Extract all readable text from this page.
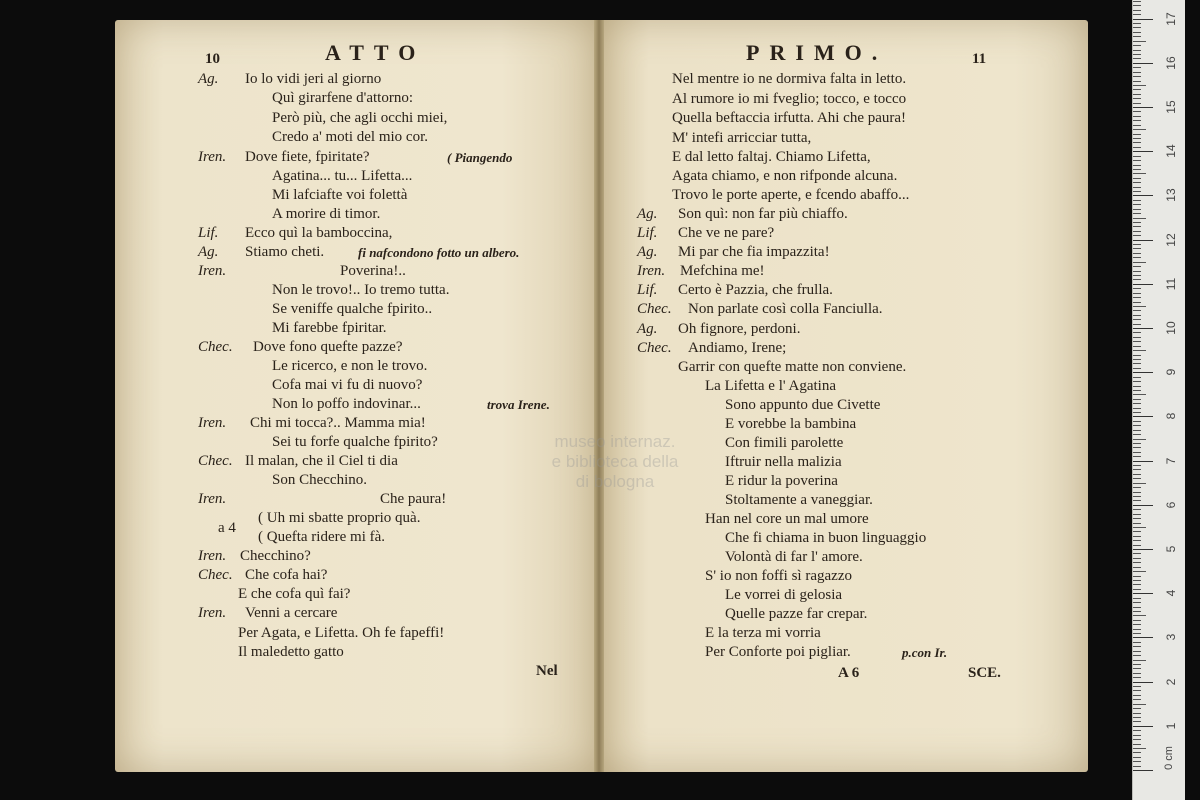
museo internaz.
e biblioteca della
di bologna
10	ATTO
Ag. Io lo vidi jeri al giorno
Quì girarfene d'attorno:
Però più, che agli occhi miei,
Credo a' moti del mio cor.
Iren. Dove fiete, fpiritate?	( Piangendo
Agatina... tu... Lifetta...
Mi lafciafte voi folettà
A morire di timor.
Lif. Ecco quì la bamboccina,
Ag. Stiamo cheti.	fi nafcondono fotto un albero.
Iren.	Poverina!..
Non le trovo!.. Io tremo tutta.
Se veniffe qualche fpirito..
Mi farebbe fpiritar.
Chec. Dove fono quefte pazze?
Le ricerco, e non le trovo.
Cofa mai vi fu di nuovo?
Non lo poffo indovinar...	trova Irene.
Iren. Chi mi tocca?.. Mamma mia!
Sei tu forfe qualche fpirito?
Chec. Il malan, che il Ciel ti dia
Son Checchino.
Iren.	Che paura!
a 4
( Uh mi sbatte proprio quà.
( Quefta ridere mi fà.
Iren. Checchino?
Chec. Che cofa hai?
E che cofa quì fai?
Iren. Venni a cercare
Per Agata, e Lifetta. Oh fe fapeffi!
Il maledetto gatto
Nel
PRIMO.	11
Nel mentre io ne dormiva falta in letto.
Al rumore io mi fveglio; tocco, e tocco
Quella beftaccia irfutta. Ahi che paura!
M' intefi arricciar tutta,
E dal letto faltaj. Chiamo Lifetta,
Agata chiamo, e non rifponde alcuna.
Trovo le porte aperte, e fcendo abaffo...
Ag. Son quì: non far più chiaffo.
Lif. Che ve ne pare?
Ag. Mi par che fia impazzita!
Iren. Mefchina me!
Lif. Certo è Pazzia, che frulla.
Chec. Non parlate così colla Fanciulla.
Ag. Oh fignore, perdoni.
Chec. Andiamo, Irene;
Garrir con quefte matte non conviene.
La Lifetta e l' Agatina
Sono appunto due Civette
E vorebbe la bambina
Con fimili parolette
Iftruir nella malizia
E ridur la poverina
Stoltamente a vaneggiar.
Han nel core un mal umore
Che fi chiama in buon linguaggio
Volontà di far l' amore.
S' io non foffi sì ragazzo
Le vorrei di gelosia
Quelle pazze far crepar.
E la terza mi vorria
Per Conforte poi pigliar.	p.con Ir.
A 6	SCE.
0 cm
1
2
3
4
5
6
7
8
9
10
11
12
13
14
15
16
17
